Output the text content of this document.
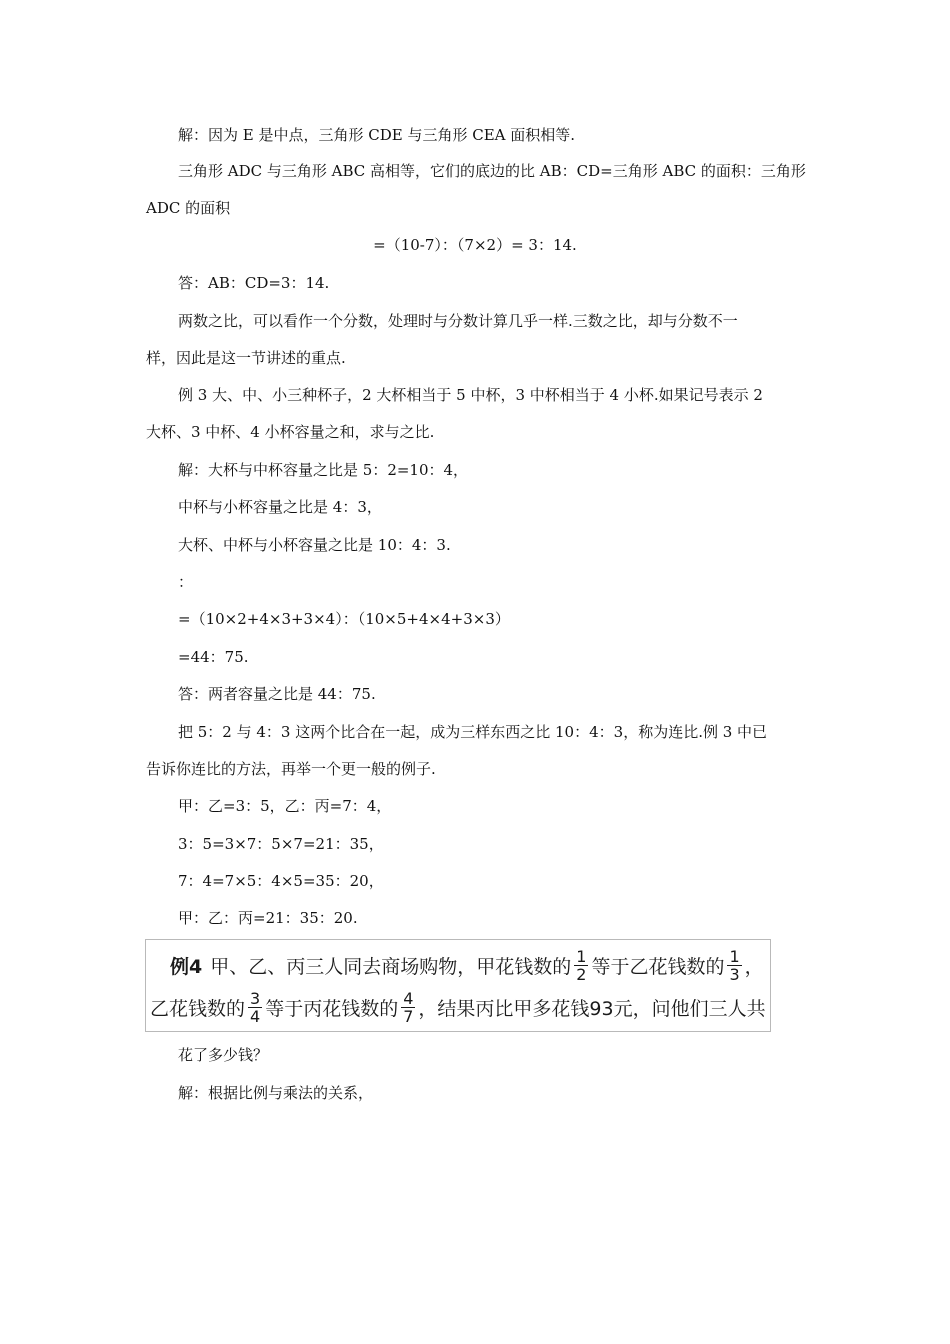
解：因为 E 是中点，三角形 CDE 与三角形 CEA 面积相等.
三角形 ADC 与三角形 ABC 高相等，它们的底边的比 AB：CD=三角形 ABC 的面积：三角形
ADC 的面积
=（10-7）：（7×2）= 3：14.
答：AB：CD=3：14.
两数之比，可以看作一个分数，处理时与分数计算几乎一样.三数之比，却与分数不一
样，因此是这一节讲述的重点.
例 3 大、中、小三种杯子，2 大杯相当于 5 中杯，3 中杯相当于 4 小杯.如果记号表示 2
大杯、3 中杯、4 小杯容量之和，求与之比.
解：大杯与中杯容量之比是 5：2=10：4，
中杯与小杯容量之比是 4：3，
大杯、中杯与小杯容量之比是 10：4：3.
：
=（10×2+4×3+3×4）：（10×5+4×4+3×3）
=44：75.
答：两者容量之比是 44：75.
把 5：2 与 4：3 这两个比合在一起，成为三样东西之比 10：4：3，称为连比.例 3 中已
告诉你连比的方法，再举一个更一般的例子.
甲：乙=3：5，乙：丙=7：4，
3：5=3×7：5×7=21：35，
7：4=7×5：4×5=35：20，
甲：乙：丙=21：35：20.
例4 甲、乙、丙三人同去商场购物，甲花钱数的 $\frac{1}{2}$ 等于乙花钱数的 $\frac{1}{3}$ ，
乙花钱数的 $\frac{3}{4}$ 等于丙花钱数的 $\frac{4}{7}$ ，结果丙比甲多花钱93元，问他们三人共
花了多少钱？
解：根据比例与乘法的关系，
